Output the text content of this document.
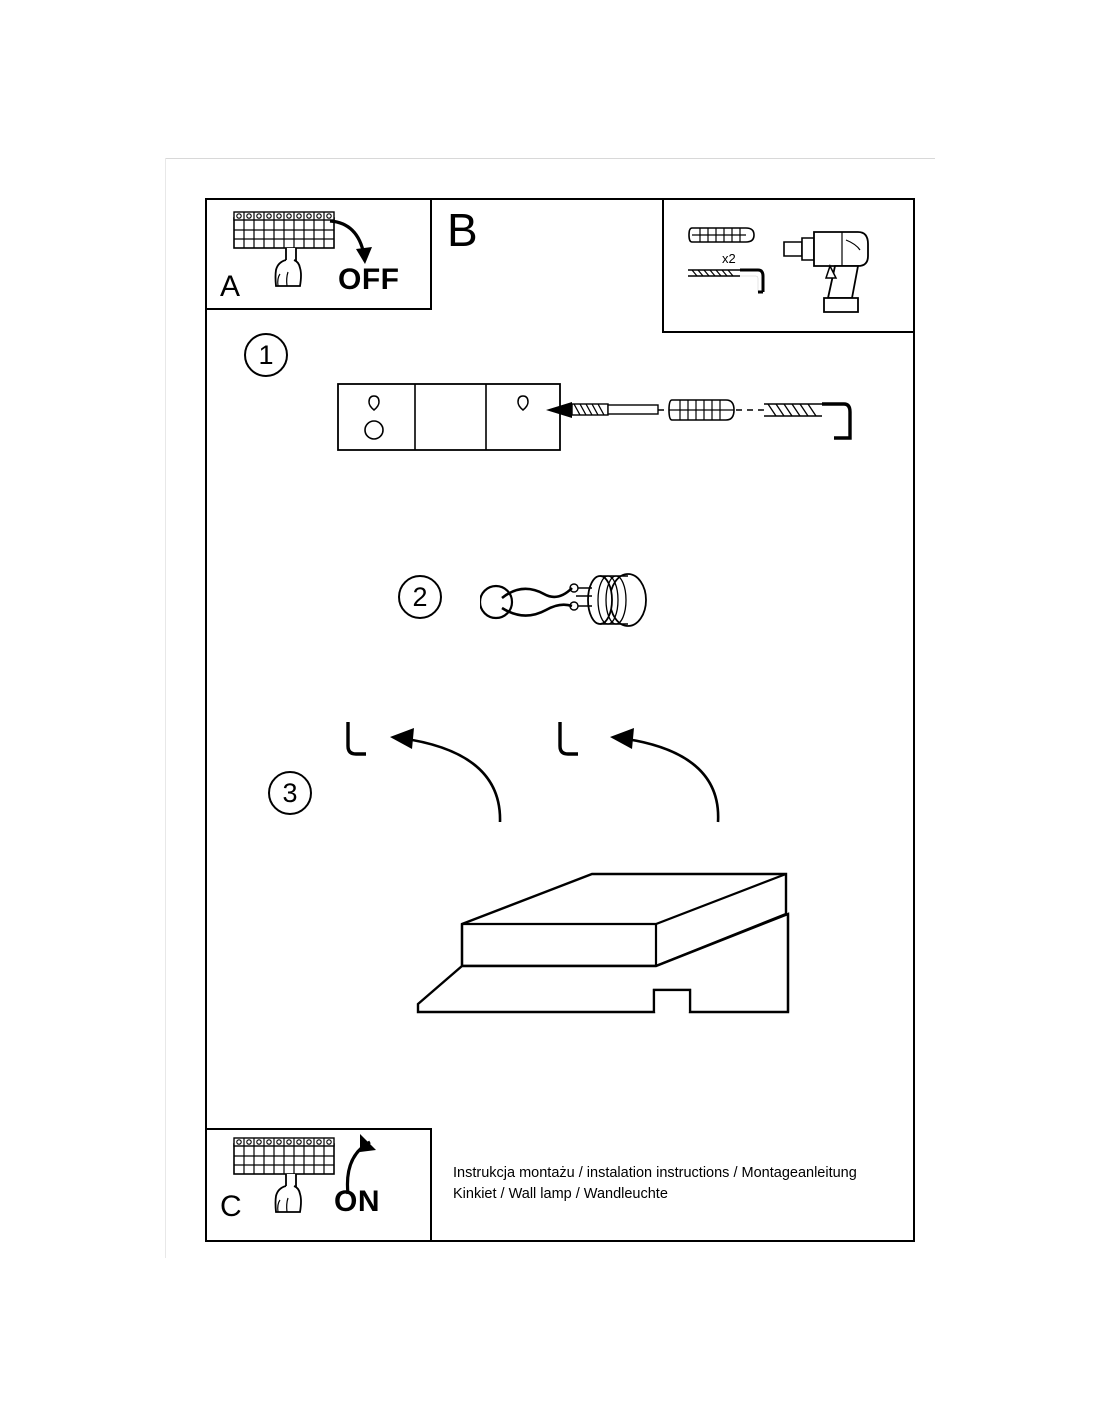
A	OFF
B
x2
1
2
3
C	ON
Instrukcja montażu / instalation instructions / Montageanleitung
Kinkiet / Wall lamp / Wandleuchte
